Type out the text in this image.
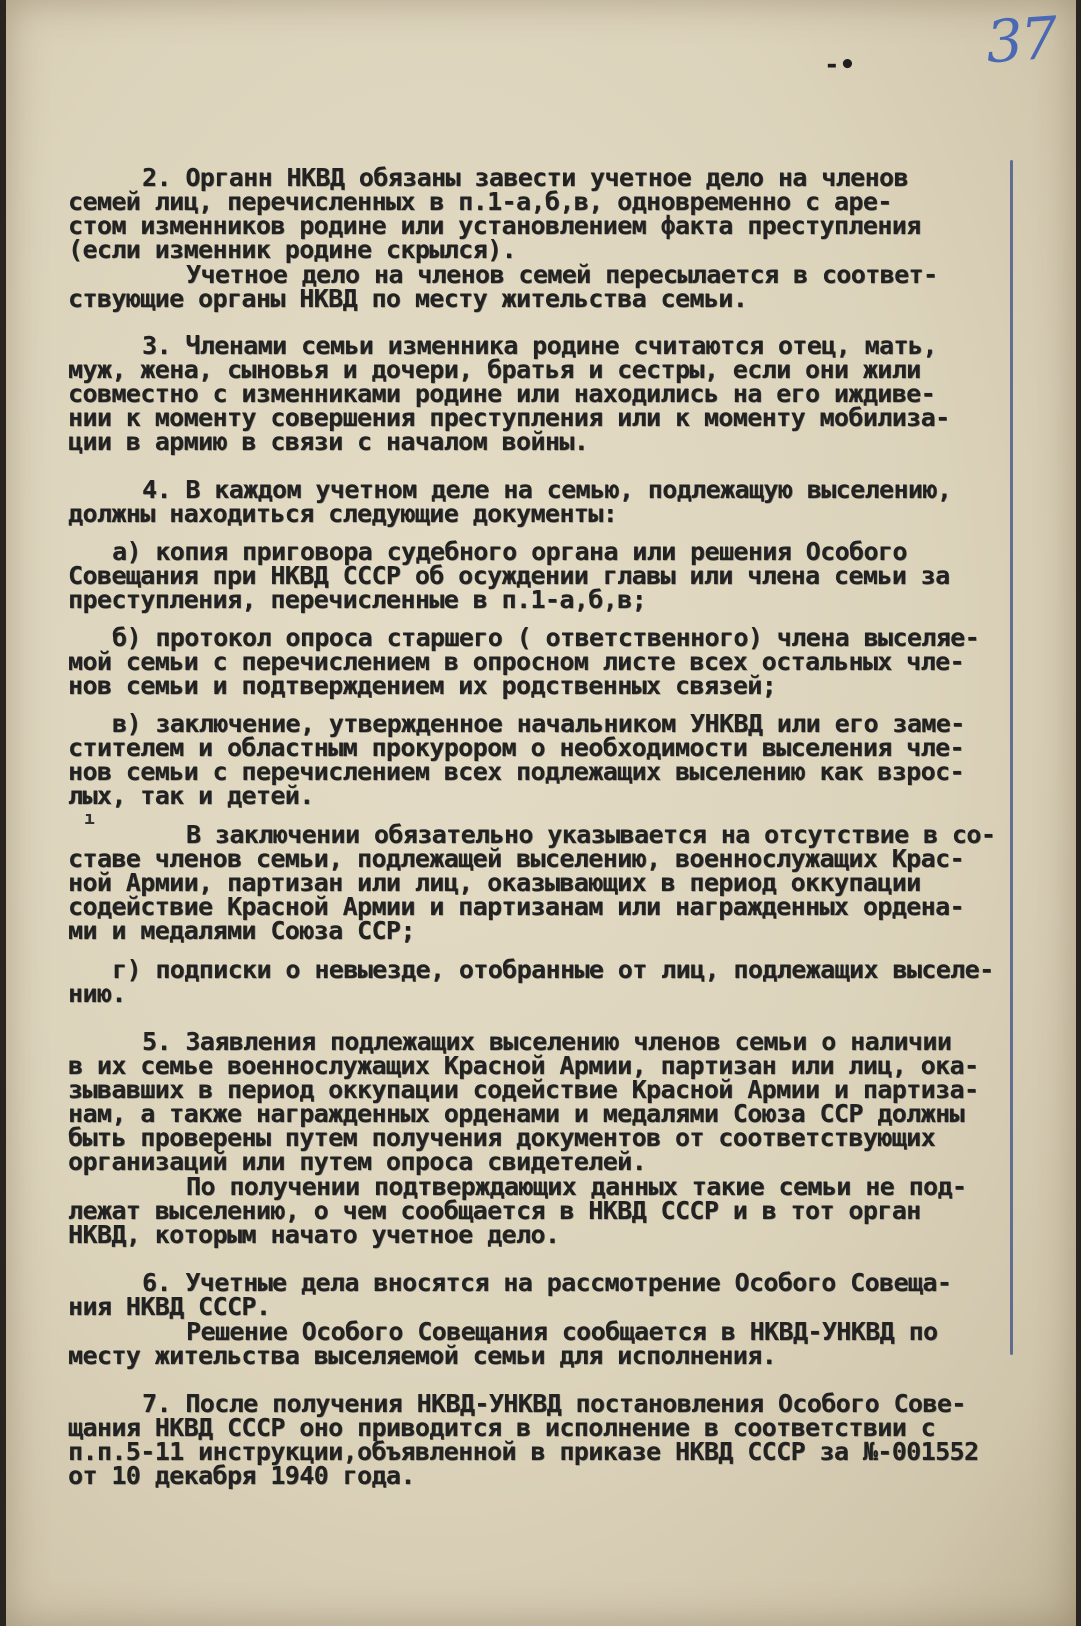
37
-•
ı
2. Органн НКВД обязаны завести учетное дело на членов
семей лиц, перечисленных в п.1-а,б,в, одновременно с аре-
стом изменников родине или установлением факта преступления
(если изменник родине скрылся).
Учетное дело на членов семей пересылается в соответ-
ствующие органы НКВД по месту жительства семьи.
3. Членами семьи изменника родине считаются отец, мать,
муж, жена, сыновья и дочери, братья и сестры, если они жили
совместно с изменниками родине или находились на его иждиве-
нии к моменту совершения преступления или к моменту мобилиза-
ции в армию в связи с началом войны.
4. В каждом учетном деле на семью, подлежащую выселению,
должны находиться следующие документы:
а) копия приговора судебного органа или решения Особого
Совещания при НКВД СССР об осуждении главы или члена семьи за
преступления, перечисленные в п.1-а,б,в;
б) протокол опроса старшего ( ответственного) члена выселяе-
мой семьи с перечислением в опросном листе всех остальных чле-
нов семьи и подтверждением их родственных связей;
в) заключение, утвержденное начальником УНКВД или его заме-
стителем и областным прокурором о необходимости выселения чле-
нов семьи с перечислением всех подлежащих выселению как взрос-
лых, так и детей.
В заключении обязательно указывается на отсутствие в со-
ставе членов семьи, подлежащей выселению, военнослужащих Крас-
ной Армии, партизан или лиц, оказывающих в период оккупации
содействие Красной Армии и партизанам или награжденных ордена-
ми и медалями Союза ССР;
г) подписки о невыезде, отобранные от лиц, подлежащих выселе-
нию.
5. Заявления подлежащих выселению членов семьи о наличии
в их семье военнослужащих Красной Армии, партизан или лиц, ока-
зывавших в период оккупации содействие Красной Армии и партиза-
нам, а также награжденных орденами и медалями Союза ССР должны
быть проверены путем получения документов от соответствующих
организаций или путем опроса свидетелей.
По получении подтверждающих данных такие семьи не под-
лежат выселению, о чем сообщается в НКВД СССР и в тот орган
НКВД, которым начато учетное дело.
6. Учетные дела вносятся на рассмотрение Особого Совеща-
ния НКВД СССР.
Решение Особого Совещания сообщается в НКВД-УНКВД по
месту жительства выселяемой семьи для исполнения.
7. После получения НКВД-УНКВД постановления Особого Сове-
щания НКВД СССР оно приводится в исполнение в соответствии с
п.п.5-11 инструкции,объявленной в приказе НКВД СССР за №-001552
от 10 декабря 1940 года.
